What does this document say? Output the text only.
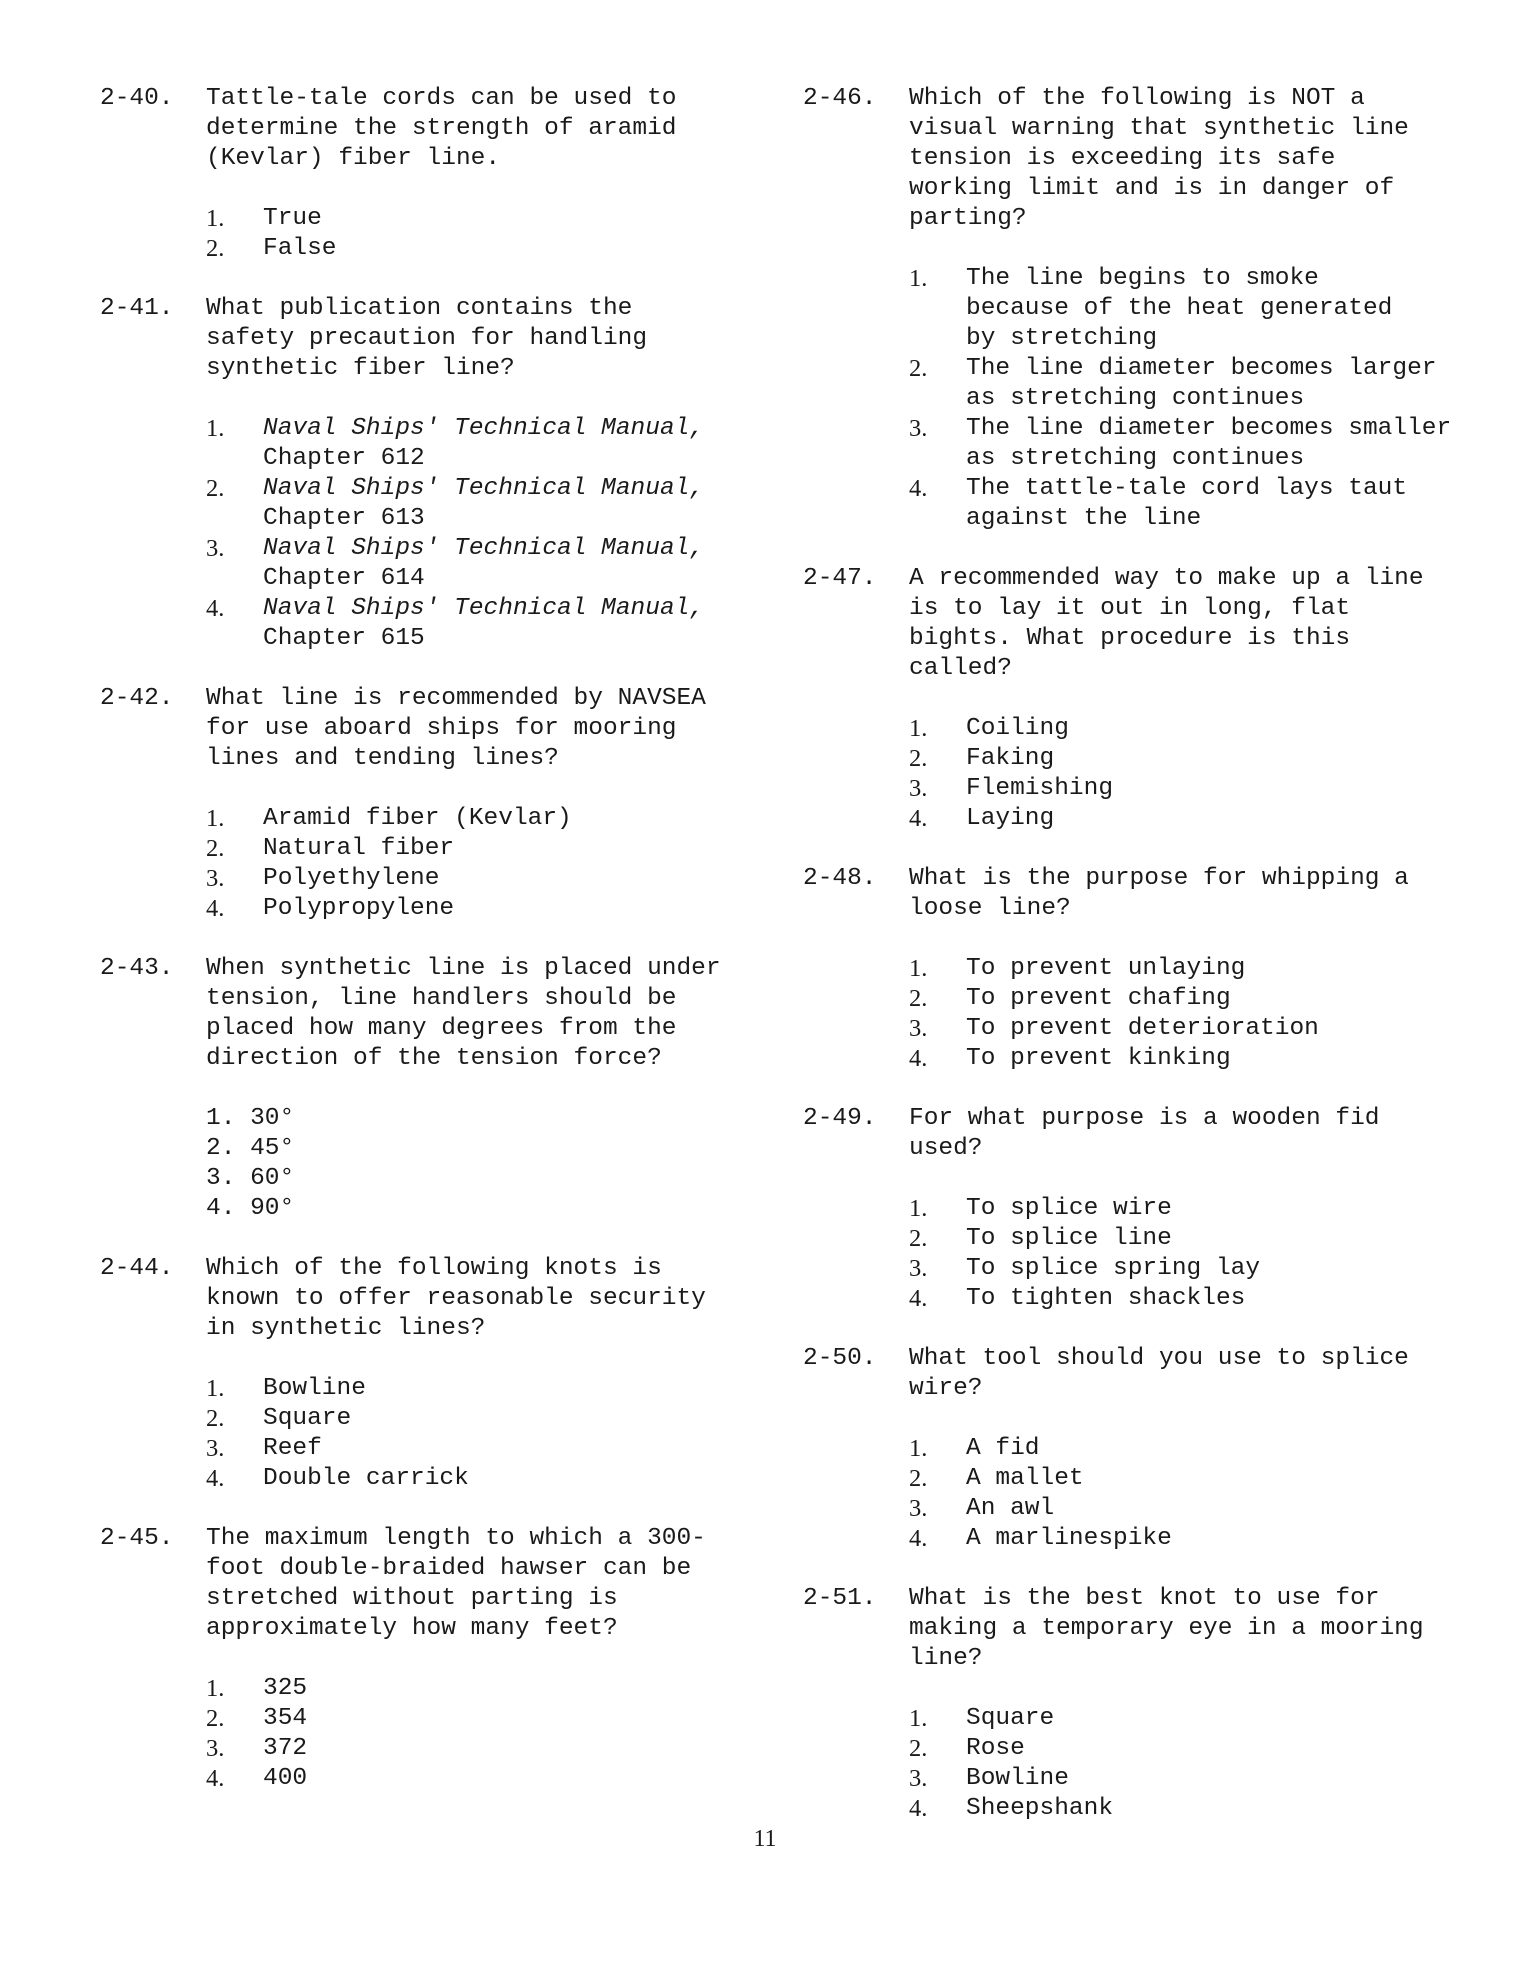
2-40. Tattle-tale cords can be used to determine the strength of aramid (Kevlar) fiber line.

1. True
2. False
2-41. What publication contains the safety precaution for handling synthetic fiber line?

1. Naval Ships' Technical Manual,
Chapter 612
2. Naval Ships' Technical Manual,
Chapter 613
3. Naval Ships' Technical Manual,
Chapter 614
4. Naval Ships' Technical Manual,
Chapter 615
2-42. What line is recommended by NAVSEA for use aboard ships for mooring lines and tending lines?

1. Aramid fiber (Kevlar)
2. Natural fiber
3. Polyethylene
4. Polypropylene
2-43. When synthetic line is placed under tension, line handlers should be placed how many degrees from the direction of the tension force?

1. 30°
2. 45°
3. 60°
4. 90°
2-44. Which of the following knots is known to offer reasonable security in synthetic lines?

1. Bowline
2. Square
3. Reef
4. Double carrick
2-45. The maximum length to which a 300-foot double-braided hawser can be stretched without parting is approximately how many feet?

1. 325
2. 354
3. 372
4. 400
2-46. Which of the following is NOT a visual warning that synthetic line tension is exceeding its safe working limit and is in danger of parting?

1. The line begins to smoke because of the heat generated by stretching
2. The line diameter becomes larger as stretching continues
3. The line diameter becomes smaller as stretching continues
4. The tattle-tale cord lays taut against the line
2-47. A recommended way to make up a line is to lay it out in long, flat bights. What procedure is this called?

1. Coiling
2. Faking
3. Flemishing
4. Laying
2-48. What is the purpose for whipping a loose line?

1. To prevent unlaying
2. To prevent chafing
3. To prevent deterioration
4. To prevent kinking
2-49. For what purpose is a wooden fid used?

1. To splice wire
2. To splice line
3. To splice spring lay
4. To tighten shackles
2-50. What tool should you use to splice wire?

1. A fid
2. A mallet
3. An awl
4. A marlinespike
2-51. What is the best knot to use for making a temporary eye in a mooring line?

1. Square
2. Rose
3. Bowline
4. Sheepshank
11
